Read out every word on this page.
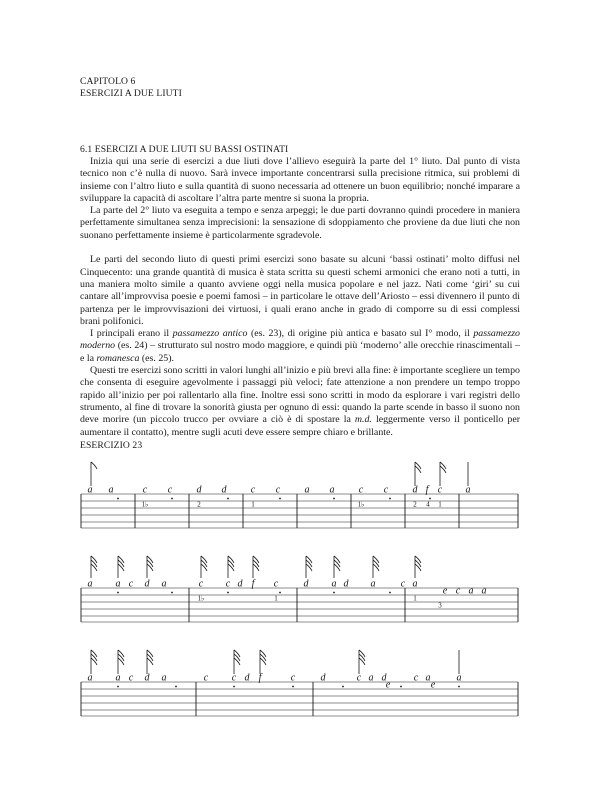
CAPITOLO 6
ESERCIZI A DUE LIUTI
6.1 ESERCIZI A DUE LIUTI SU BASSI OSTINATI

Inizia qui una serie di esercizi a due liuti dove l’allievo eseguirà la parte del 1° liuto. Dal punto di vista tecnico non c’è nulla di nuovo. Sarà invece importante concentrarsi sulla precisione ritmica, sui problemi di insieme con l’altro liuto e sulla quantità di suono necessaria ad ottenere un buon equilibrio; nonché imparare a sviluppare la capacità di ascoltare l’altra parte mentre si suona la propria.

La parte del 2° liuto va eseguita a tempo e senza arpeggi; le due parti dovranno quindi procedere in maniera perfettamente simultanea senza imprecisioni: la sensazione di sdoppiamento che proviene da due liuti che non suonano perfettamente insieme è particolarmente sgradevole.

Le parti del secondo liuto di questi primi esercizi sono basate su alcuni ‘bassi ostinati’ molto diffusi nel Cinquecento: una grande quantità di musica è stata scritta su questi schemi armonici che erano noti a tutti, in una maniera molto simile a quanto avviene oggi nella musica popolare e nel jazz. Nati come ‘giri’ su cui cantare all’improvvisa poesie e poemi famosi – in particolare le ottave dell’Ariosto – essi divennero il punto di partenza per le improvvisazioni dei virtuosi, i quali erano anche in grado di comporre su di essi complessi brani polifonici.

I principali erano il passamezzo antico (es. 23), di origine più antica e basato sul I° modo, il passamezzo moderno (es. 24) – strutturato sul nostro modo maggiore, e quindi più ‘moderno’ alle orecchie rinascimentali – e la romanesca (es. 25).

Questi tre esercizi sono scritti in valori lunghi all’inizio e più brevi alla fine: è importante scegliere un tempo che consenta di eseguire agevolmente i passaggi più veloci; fate attenzione a non prendere un tempo troppo rapido all’inizio per poi rallentarlo alla fine. Inoltre essi sono scritti in modo da esplorare i vari registri dello strumento, al fine di trovare la sonorità giusta per ognuno di essi: quando la parte scende in basso il suono non deve morire (un piccolo trucco per ovviare a ciò è di spostare la m.d. leggermente verso il ponticello per aumentare il contatto), mentre sugli acuti deve essere sempre chiaro e brillante.

ESERCIZIO 23
a a	c c d d c c a a c c d f c a
1♭	2	1	1♭	2 4 1
a a c d a	c c d f c	d a d a	c a
e c a a
1♭	1	1
3
a a c d a	c c d f	c	d	c a d	c a	a
e	e
